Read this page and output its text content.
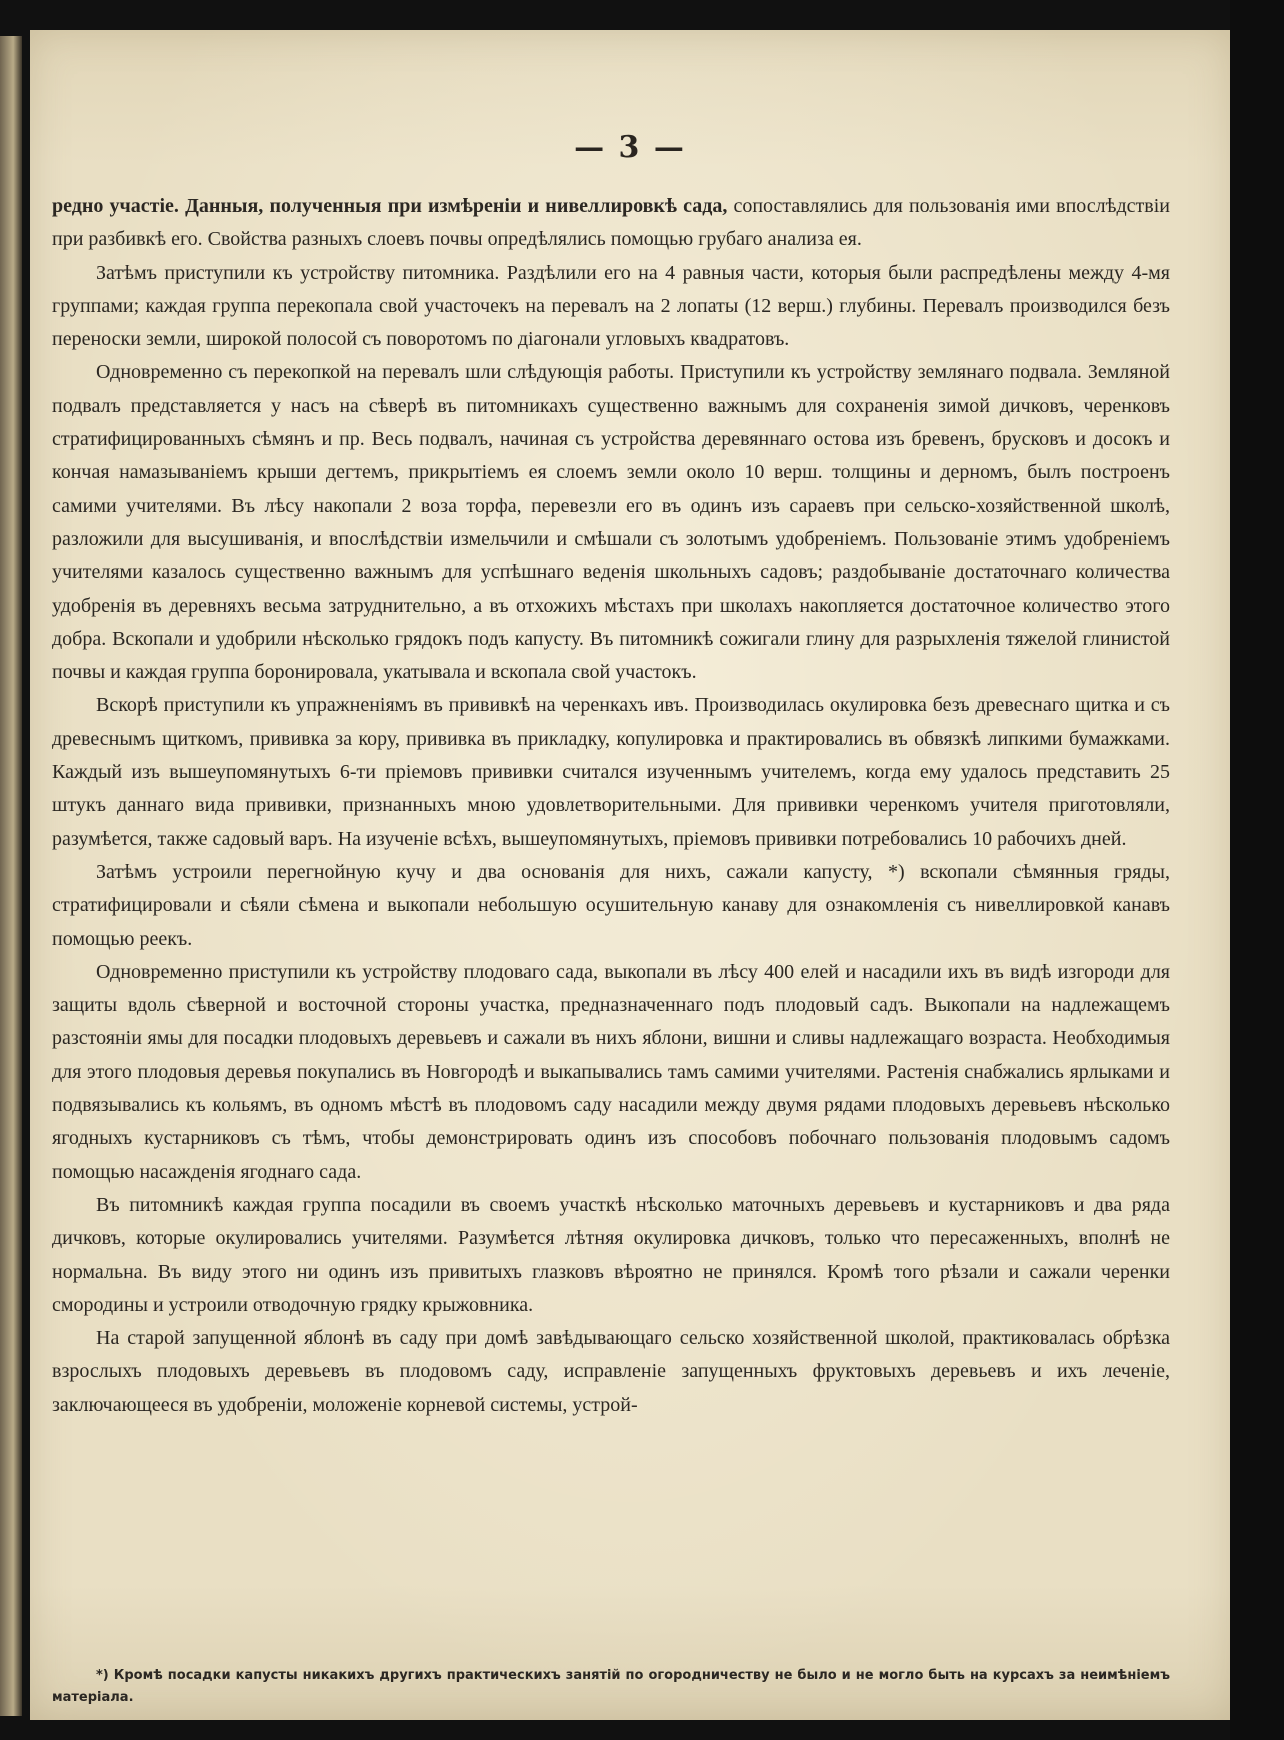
— 3 —

редно участіе. Данныя, полученныя при измѣреніи и нивеллировкѣ сада, сопоставлялись для пользованія ими впослѣдствіи при разбивкѣ его. Свойства разныхъ слоевъ почвы опредѣлялись помощью грубаго анализа ея.

Затѣмъ приступили къ устройству питомника. Раздѣлили его на 4 равныя части, которыя были распредѣлены между 4-мя группами; каждая группа перекопала свой участочекъ на перевалъ на 2 лопаты (12 верш.) глубины. Перевалъ производился безъ переноски земли, широкой полосой съ поворотомъ по діагонали угловыхъ квадратовъ.

Одновременно съ перекопкой на перевалъ шли слѣдующія работы. Приступили къ устройству землянаго подвала. Земляной подвалъ представляется у насъ на сѣверѣ въ питомникахъ существенно важнымъ для сохраненія зимой дичковъ, черенковъ стратифицированныхъ сѣмянъ и пр. Весь подвалъ, начиная съ устройства деревяннаго остова изъ бревенъ, брусковъ и досокъ и кончая намазываніемъ крыши дегтемъ, прикрытіемъ ея слоемъ земли около 10 верш. толщины и дерномъ, былъ построенъ самими учителями. Въ лѣсу накопали 2 воза торфа, перевезли его въ одинъ изъ сараевъ при сельско-хозяйственной школѣ, разложили для высушиванія, и впослѣдствіи измельчили и смѣшали съ золотымъ удобреніемъ. Пользованіе этимъ удобреніемъ учителями казалось существенно важнымъ для успѣшнаго веденія школьныхъ садовъ; раздобываніе достаточнаго количества удобренія въ деревняхъ весьма затруднительно, а въ отхожихъ мѣстахъ при школахъ накопляется достаточное количество этого добра. Вскопали и удобрили нѣсколько грядокъ подъ капусту. Въ питомникѣ сожигали глину для разрыхленія тяжелой глинистой почвы и каждая группа боронировала, укатывала и вскопала свой участокъ.

Вскорѣ приступили къ упражненіямъ въ прививкѣ на черенкахъ ивъ. Производилась окулировка безъ древеснаго щитка и съ древеснымъ щиткомъ, прививка за кору, прививка въ прикладку, копулировка и практировались въ обвязкѣ липкими бумажками. Каждый изъ вышеупомянутыхъ 6-ти пріемовъ прививки считался изученнымъ учителемъ, когда ему удалось представить 25 штукъ даннаго вида прививки, признанныхъ мною удовлетворительными. Для прививки черенкомъ учителя приготовляли, разумѣется, также садовый варъ. На изученіе всѣхъ, вышеупомянутыхъ, пріемовъ прививки потребовались 10 рабочихъ дней.

Затѣмъ устроили перегнойную кучу и два основанія для нихъ, сажали капусту, *) вскопали сѣмянныя гряды, стратифицировали и сѣяли сѣмена и выкопали небольшую осушительную канаву для ознакомленія съ нивеллировкой канавъ помощью реекъ.

Одновременно приступили къ устройству плодоваго сада, выкопали въ лѣсу 400 елей и насадили ихъ въ видѣ изгороди для защиты вдоль сѣверной и восточной стороны участка, предназначеннаго подъ плодовый садъ. Выкопали на надлежащемъ разстояніи ямы для посадки плодовыхъ деревьевъ и сажали въ нихъ яблони, вишни и сливы надлежащаго возраста. Необходимыя для этого плодовыя деревья покупались въ Новгородѣ и выкапывались тамъ самими учителями. Растенія снабжались ярлыками и подвязывались къ кольямъ, въ одномъ мѣстѣ въ плодовомъ саду насадили между двумя рядами плодовыхъ деревьевъ нѣсколько ягодныхъ кустарниковъ съ тѣмъ, чтобы демонстрировать одинъ изъ способовъ побочнаго пользованія плодовымъ садомъ помощью насажденія ягоднаго сада.

Въ питомникѣ каждая группа посадили въ своемъ участкѣ нѣсколько маточныхъ деревьевъ и кустарниковъ и два ряда дичковъ, которые окулировались учителями. Разумѣется лѣтняя окулировка дичковъ, только что пересаженныхъ, вполнѣ не нормальна. Въ виду этого ни одинъ изъ привитыхъ глазковъ вѣроятно не принялся. Кромѣ того рѣзали и сажали черенки смородины и устроили отводочную грядку крыжовника.

На старой запущенной яблонѣ въ саду при домѣ завѣдывающаго сельско хозяйственной школой, практиковалась обрѣзка взрослыхъ плодовыхъ деревьевъ въ плодовомъ саду, исправленіе запущенныхъ фруктовыхъ деревьевъ и ихъ леченіе, заключающееся въ удобреніи, моложеніе корневой системы, устрой-

*) Кромѣ посадки капусты никакихъ другихъ практическихъ занятій по огородничеству не было и не могло быть на курсахъ за неимѣніемъ матеріала.
